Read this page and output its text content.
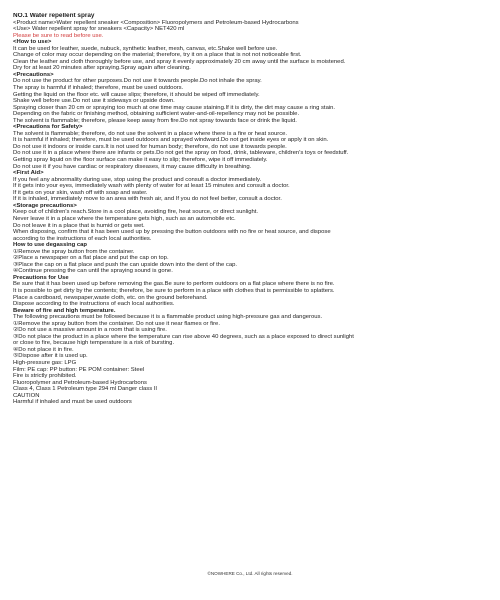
NO.1 Water repellent spray
<Product name>Water repellent sneaker <Composition> Fluoropolymers and Petroleum-based Hydrocarbons
<Use> Water repellent spray for sneakers <Capacity> NET420 ml
Please be sure to read before use.
<How to use>
It can be used for leather, suede, nubuck, synthetic leather, mesh, canvas, etc.Shake well before use.
Change of color may occur depending on the material; therefore, try it on a place that is not not noticeable first.
Clean the leather and cloth thoroughly before use, and spray it evenly approximately 20 cm away until the surface is moistened.
Dry for at least 20 minutes after spraying.Spray again after cleaning.
<Precautions>
Do not use the product for other purposes.Do not use it towards people.Do not inhale the spray.
The spray is harmful if inhaled; therefore, must be used outdoors.
Getting the liquid on the floor etc. will cause slips; therefore, it should be wiped off immediately.
Shake well before use.Do not use it sideways or upside down.
Spraying closer than 20 cm or spraying too much at one time may cause staining.If it is dirty, the dirt may cause a ring stain.
Depending on the fabric or finishing method, obtaining sufficient water-and-oil-repellency may not be possible.
The solvent is flammable; therefore, please keep away from fire.Do not spray towards face or drink the liquid.
<Precautions for Safety>
The solvent is flammable; therefore, do not use the solvent in a place where there is a fire or heat source.
It is harmful if inhaled; therefore, must be used outdoors and sprayed windward.Do not get inside eyes or apply it on skin.
Do not use it indoors or inside cars.It is not used for human body; therefore, do not use it towards people.
Do not use it in a place where there are infants or pets.Do not get the spray on food, drink, tableware, children's toys or feedstuff.
Getting spray liquid on the floor surface can make it easy to slip; therefore, wipe it off immediately.
Do not use it if you have cardiac or respiratory diseases, it may cause difficulty in breathing.
<First Aid>
If you feel any abnormality during use, stop using the product and consult a doctor immediately.
If it gets into your eyes, immediately wash with plenty of water for at least 15 minutes and consult a doctor.
If it gets on your skin, wash off with soap and water.
If it is inhaled, immediately move to an area with fresh air, and If you do not feel better, consult a doctor.
<Storage precautions>
Keep out of children's reach.Store in a cool place, avoiding fire, heat source, or direct sunlight.
Never leave it in a place where the temperature gets high, such as an automobile etc.
Do not leave it in a place that is humid or gets wet.
When disposing, confirm that it has been used up by pressing the button outdoors with no fire or heat source, and dispose
according to the instructions of each local authorities.
How to use degassing cap
①Remove the spray button from the container.
②Place a newspaper on a flat place and put the cap on top.
③Place the cap on a flat place and push the can upside down into the dent of the cap.
④Continue pressing the can until the spraying sound is gone.
Precautions for Use
Be sure that it has been used up before removing the gas.Be sure to perform outdoors on a flat place where there is no fire.
It is possible to get dirty by the contents; therefore, be sure to perform in a place with clothes that is permissible to splatters.
Place a cardboard, newspaper,waste cloth, etc. on the ground beforehand.
Dispose according to the instructions of each local authorities.
Beware of fire and high temperature.
The following precautions must be followed because it is a flammable product using high-pressure gas and dangerous.
①Remove the spray button from the container. Do not use it near flames or fire.
②Do not use a massive amount in a room that is using fire.
③Do not place the product in a place where the temperature can rise above 40 degrees, such as a place exposed to direct sunlight
or close to fire, because high temperature is a risk of bursting.
④Do not place it in fire.
⑤Dispose after it is used up.
High-pressure gas: LPG
Film: PE cap: PP button: PE POM container: Steel
Fire is strictly prohibited.
Fluoropolymer and Petroleum-based Hydrocarbons
Class 4, Class 1 Petroleum type 294 ml Danger class II
CAUTION
Harmful if inhaled and must be used outdoors
©NOWHERE Co., Ltd. All rights reserved.
